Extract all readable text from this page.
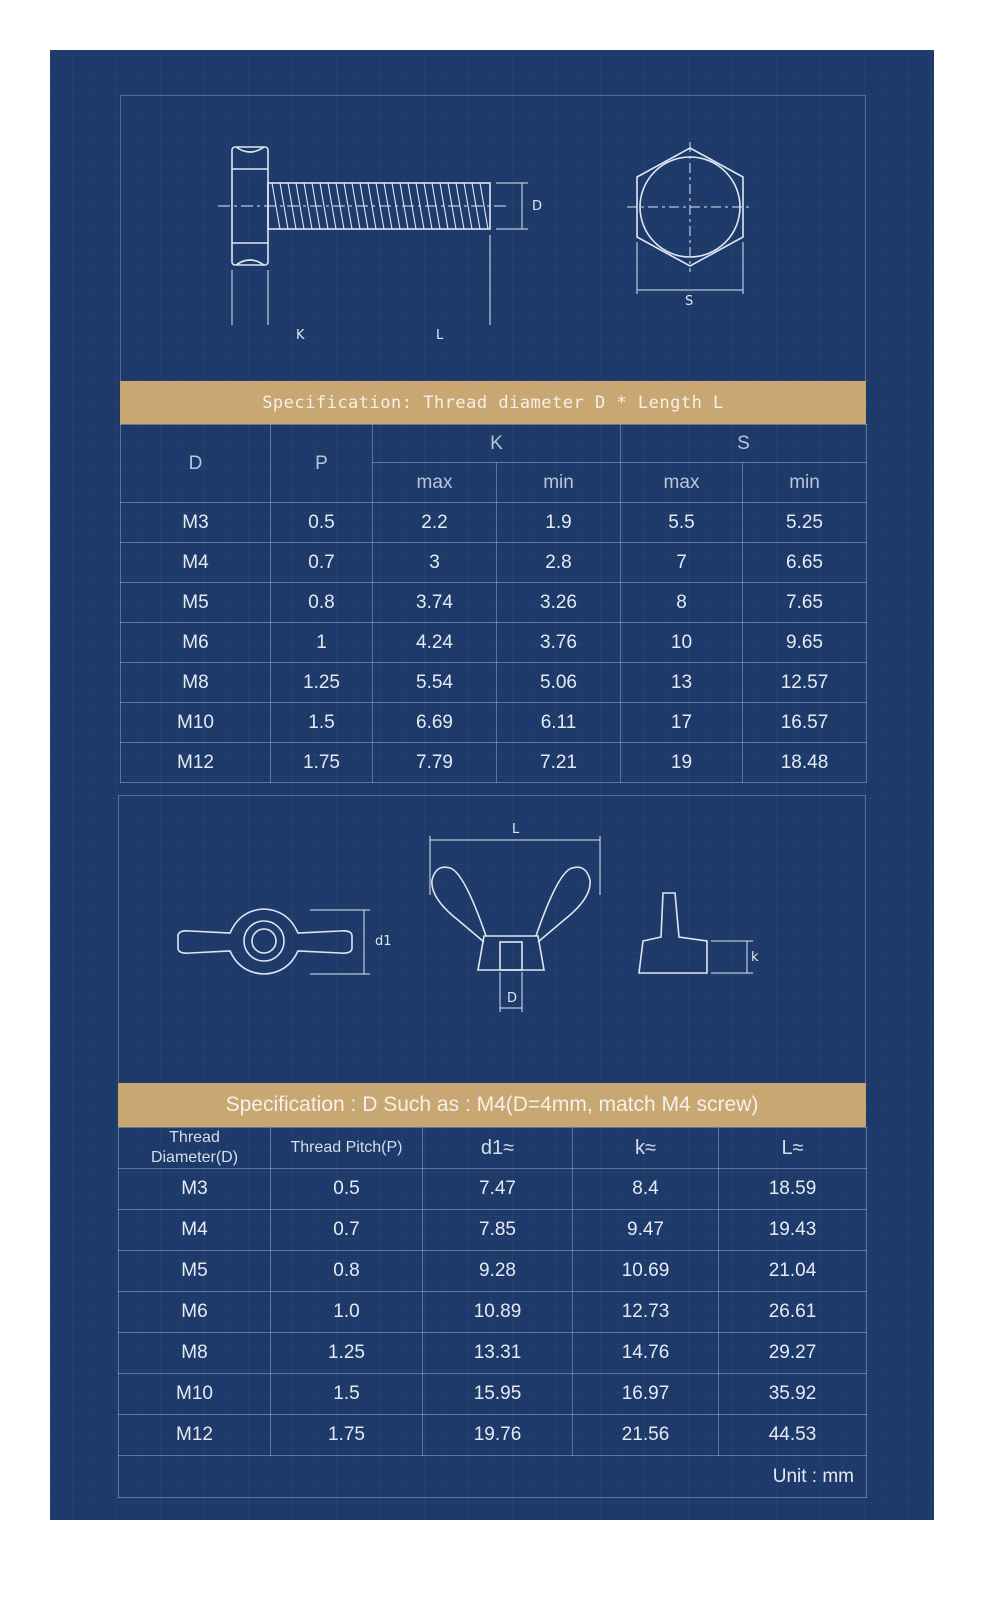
D
K	L
S
Specification: Thread diameter D * Length L
D	P	K		S	
		max	min	max	min
M3	0.5	2.2	1.9	5.5	5.25
M4	0.7	3	2.8	7	6.65
M5	0.8	3.74	3.26	8	7.65
M6	1	4.24	3.76	10	9.65
M8	1.25	5.54	5.06	13	12.57
M10	1.5	6.69	6.11	17	16.57
M12	1.75	7.79	7.21	19	18.48
d1
L
D
k
Specification : D Such as : M4(D=4mm, match M4 screw)
Thread
Diameter(D)	Thread Pitch(P)	d1≈	k≈	L≈
M3	0.5	7.47	8.4	18.59
M4	0.7	7.85	9.47	19.43
M5	0.8	9.28	10.69	21.04
M6	1.0	10.89	12.73	26.61
M8	1.25	13.31	14.76	29.27
M10	1.5	15.95	16.97	35.92
M12	1.75	19.76	21.56	44.53
Unit : mm				
